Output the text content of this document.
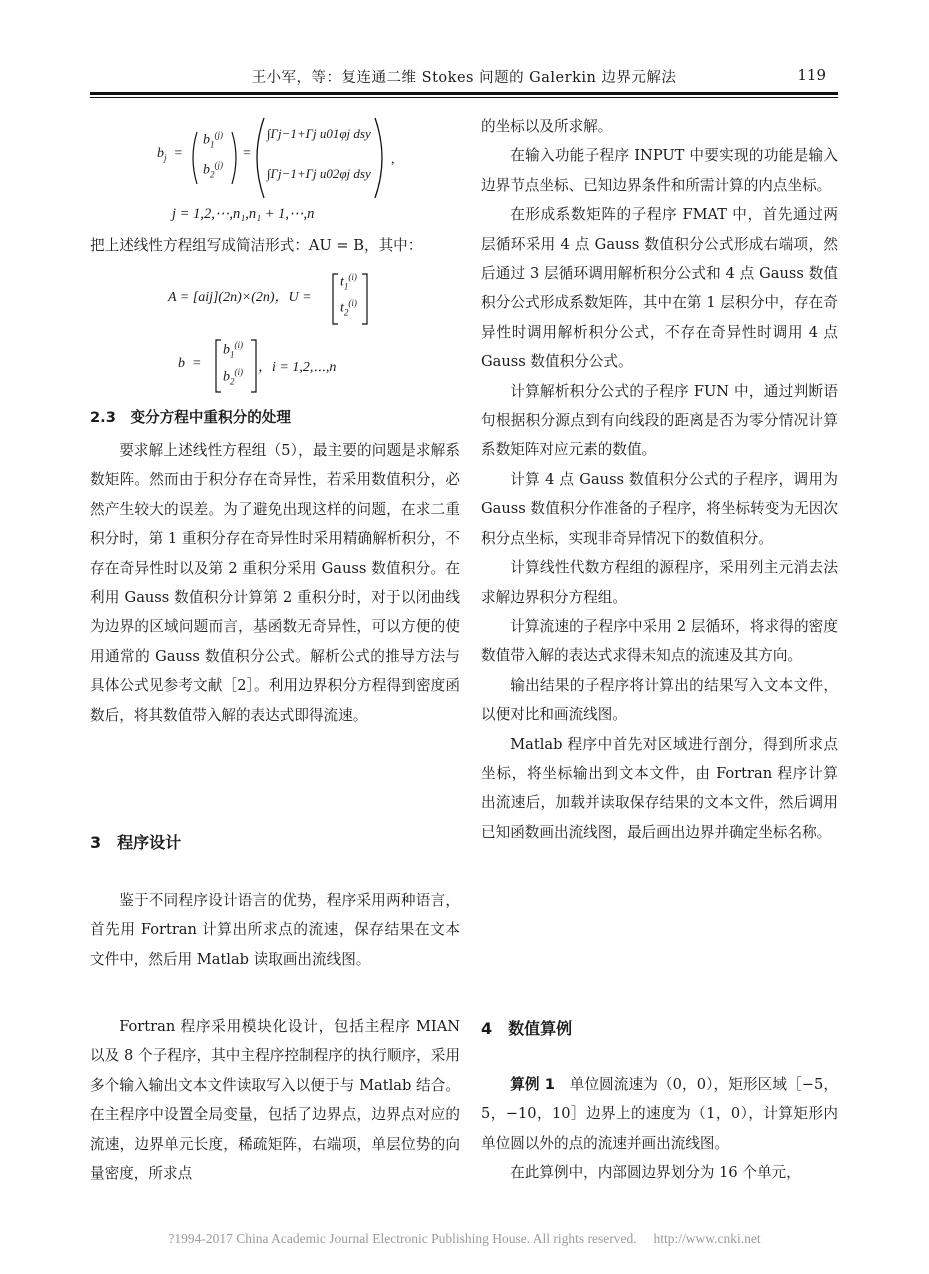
王小军，等：复连通二维 Stokes 问题的 Galerkin 边界元解法	119
$b_j$  =
$b_1^{(j)}$
$b_2^{(j)}$
=
∫Γj−1+Γj u01φj dsy
∫Γj−1+Γj u02φj dsy
,
j = 1,2,⋯,n₁,n₁ + 1,⋯,n

把上述线性方程组写成简洁形式：AU = B，其中：

A = [aij](2n)×(2n)，U =
$t_1^{(i)}$
$t_2^{(i)}$
b  =
$b_1^{(i)}$
$b_2^{(i)}$ ，i = 1,2,⋯,n

2.3　变分方程中重积分的处理

要求解上述线性方程组（5），最主要的问题是求解系数矩阵。然而由于积分存在奇异性，若采用数值积分，必然产生较大的误差。为了避免出现这样的问题，在求二重积分时，第 1 重积分存在奇异性时采用精确解析积分，不存在奇异性时以及第 2 重积分采用 Gauss 数值积分。在利用 Gauss 数值积分计算第 2 重积分时，对于以闭曲线为边界的区域问题而言，基函数无奇异性，可以方便的使用通常的 Gauss 数值积分公式。解析公式的推导方法与具体公式见参考文献［2］。利用边界积分方程得到密度函数后，将其数值带入解的表达式即得流速。

3　程序设计

鉴于不同程序设计语言的优势，程序采用两种语言，首先用 Fortran 计算出所求点的流速，保存结果在文本文件中，然后用 Matlab 读取画出流线图。

Fortran 程序采用模块化设计，包括主程序 MIAN 以及 8 个子程序，其中主程序控制程序的执行顺序，采用多个输入输出文本文件读取写入以便于与 Matlab 结合。在主程序中设置全局变量，包括了边界点，边界点对应的流速，边界单元长度，稀疏矩阵，右端项，单层位势的向量密度，所求点

的坐标以及所求解。

在输入功能子程序 INPUT 中要实现的功能是输入边界节点坐标、已知边界条件和所需计算的内点坐标。

在形成系数矩阵的子程序 FMAT 中，首先通过两层循环采用 4 点 Gauss 数值积分公式形成右端项，然后通过 3 层循环调用解析积分公式和 4 点 Gauss 数值积分公式形成系数矩阵，其中在第 1 层积分中，存在奇异性时调用解析积分公式，不存在奇异性时调用 4 点 Gauss 数值积分公式。

计算解析积分公式的子程序 FUN 中，通过判断语句根据积分源点到有向线段的距离是否为零分情况计算系数矩阵对应元素的数值。

计算 4 点 Gauss 数值积分公式的子程序，调用为 Gauss 数值积分作准备的子程序，将坐标转变为无因次积分点坐标，实现非奇异情况下的数值积分。

计算线性代数方程组的源程序，采用列主元消去法求解边界积分方程组。

计算流速的子程序中采用 2 层循环，将求得的密度数值带入解的表达式求得未知点的流速及其方向。

输出结果的子程序将计算出的结果写入文本文件，以便对比和画流线图。

Matlab 程序中首先对区域进行剖分，得到所求点坐标，将坐标输出到文本文件，由 Fortran 程序计算出流速后，加载并读取保存结果的文本文件，然后调用已知函数画出流线图，最后画出边界并确定坐标名称。

4　数值算例

算例 1　单位圆流速为（0，0），矩形区域［−5，5，−10，10］边界上的速度为（1，0），计算矩形内单位圆以外的点的流速并画出流线图。

在此算例中，内部圆边界划分为 16 个单元，

?1994-2017 China Academic Journal Electronic Publishing House. All rights reserved.　 http://www.cnki.net
